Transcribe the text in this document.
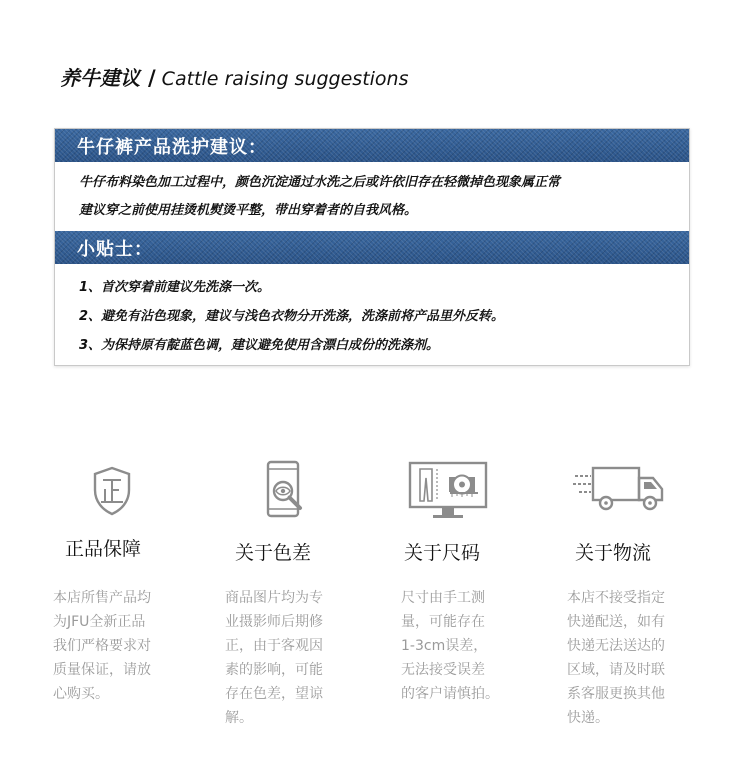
养牛建议 / Cattle raising suggestions
牛仔裤产品洗护建议：
牛仔布料染色加工过程中，颜色沉淀通过水洗之后或许依旧存在轻微掉色现象属正常
建议穿之前使用挂烫机熨烫平整，带出穿着者的自我风格。
小贴士：
1、首次穿着前建议先洗涤一次。
2、避免有沾色现象，建议与浅色衣物分开洗涤，洗涤前将产品里外反转。
3、为保持原有靛蓝色调，建议避免使用含漂白成份的洗涤剂。
正品保障
本店所售产品均
为JFU全新正品
我们严格要求对
质量保证，请放
心购买。
关于色差
商品图片均为专
业摄影师后期修
正，由于客观因
素的影响，可能
存在色差，望谅
解。
关于尺码
尺寸由手工测
量，可能存在
1-3cm误差，
无法接受误差
的客户请慎拍。
关于物流
本店不接受指定
快递配送，如有
快递无法送达的
区域，请及时联
系客服更换其他
快递。
